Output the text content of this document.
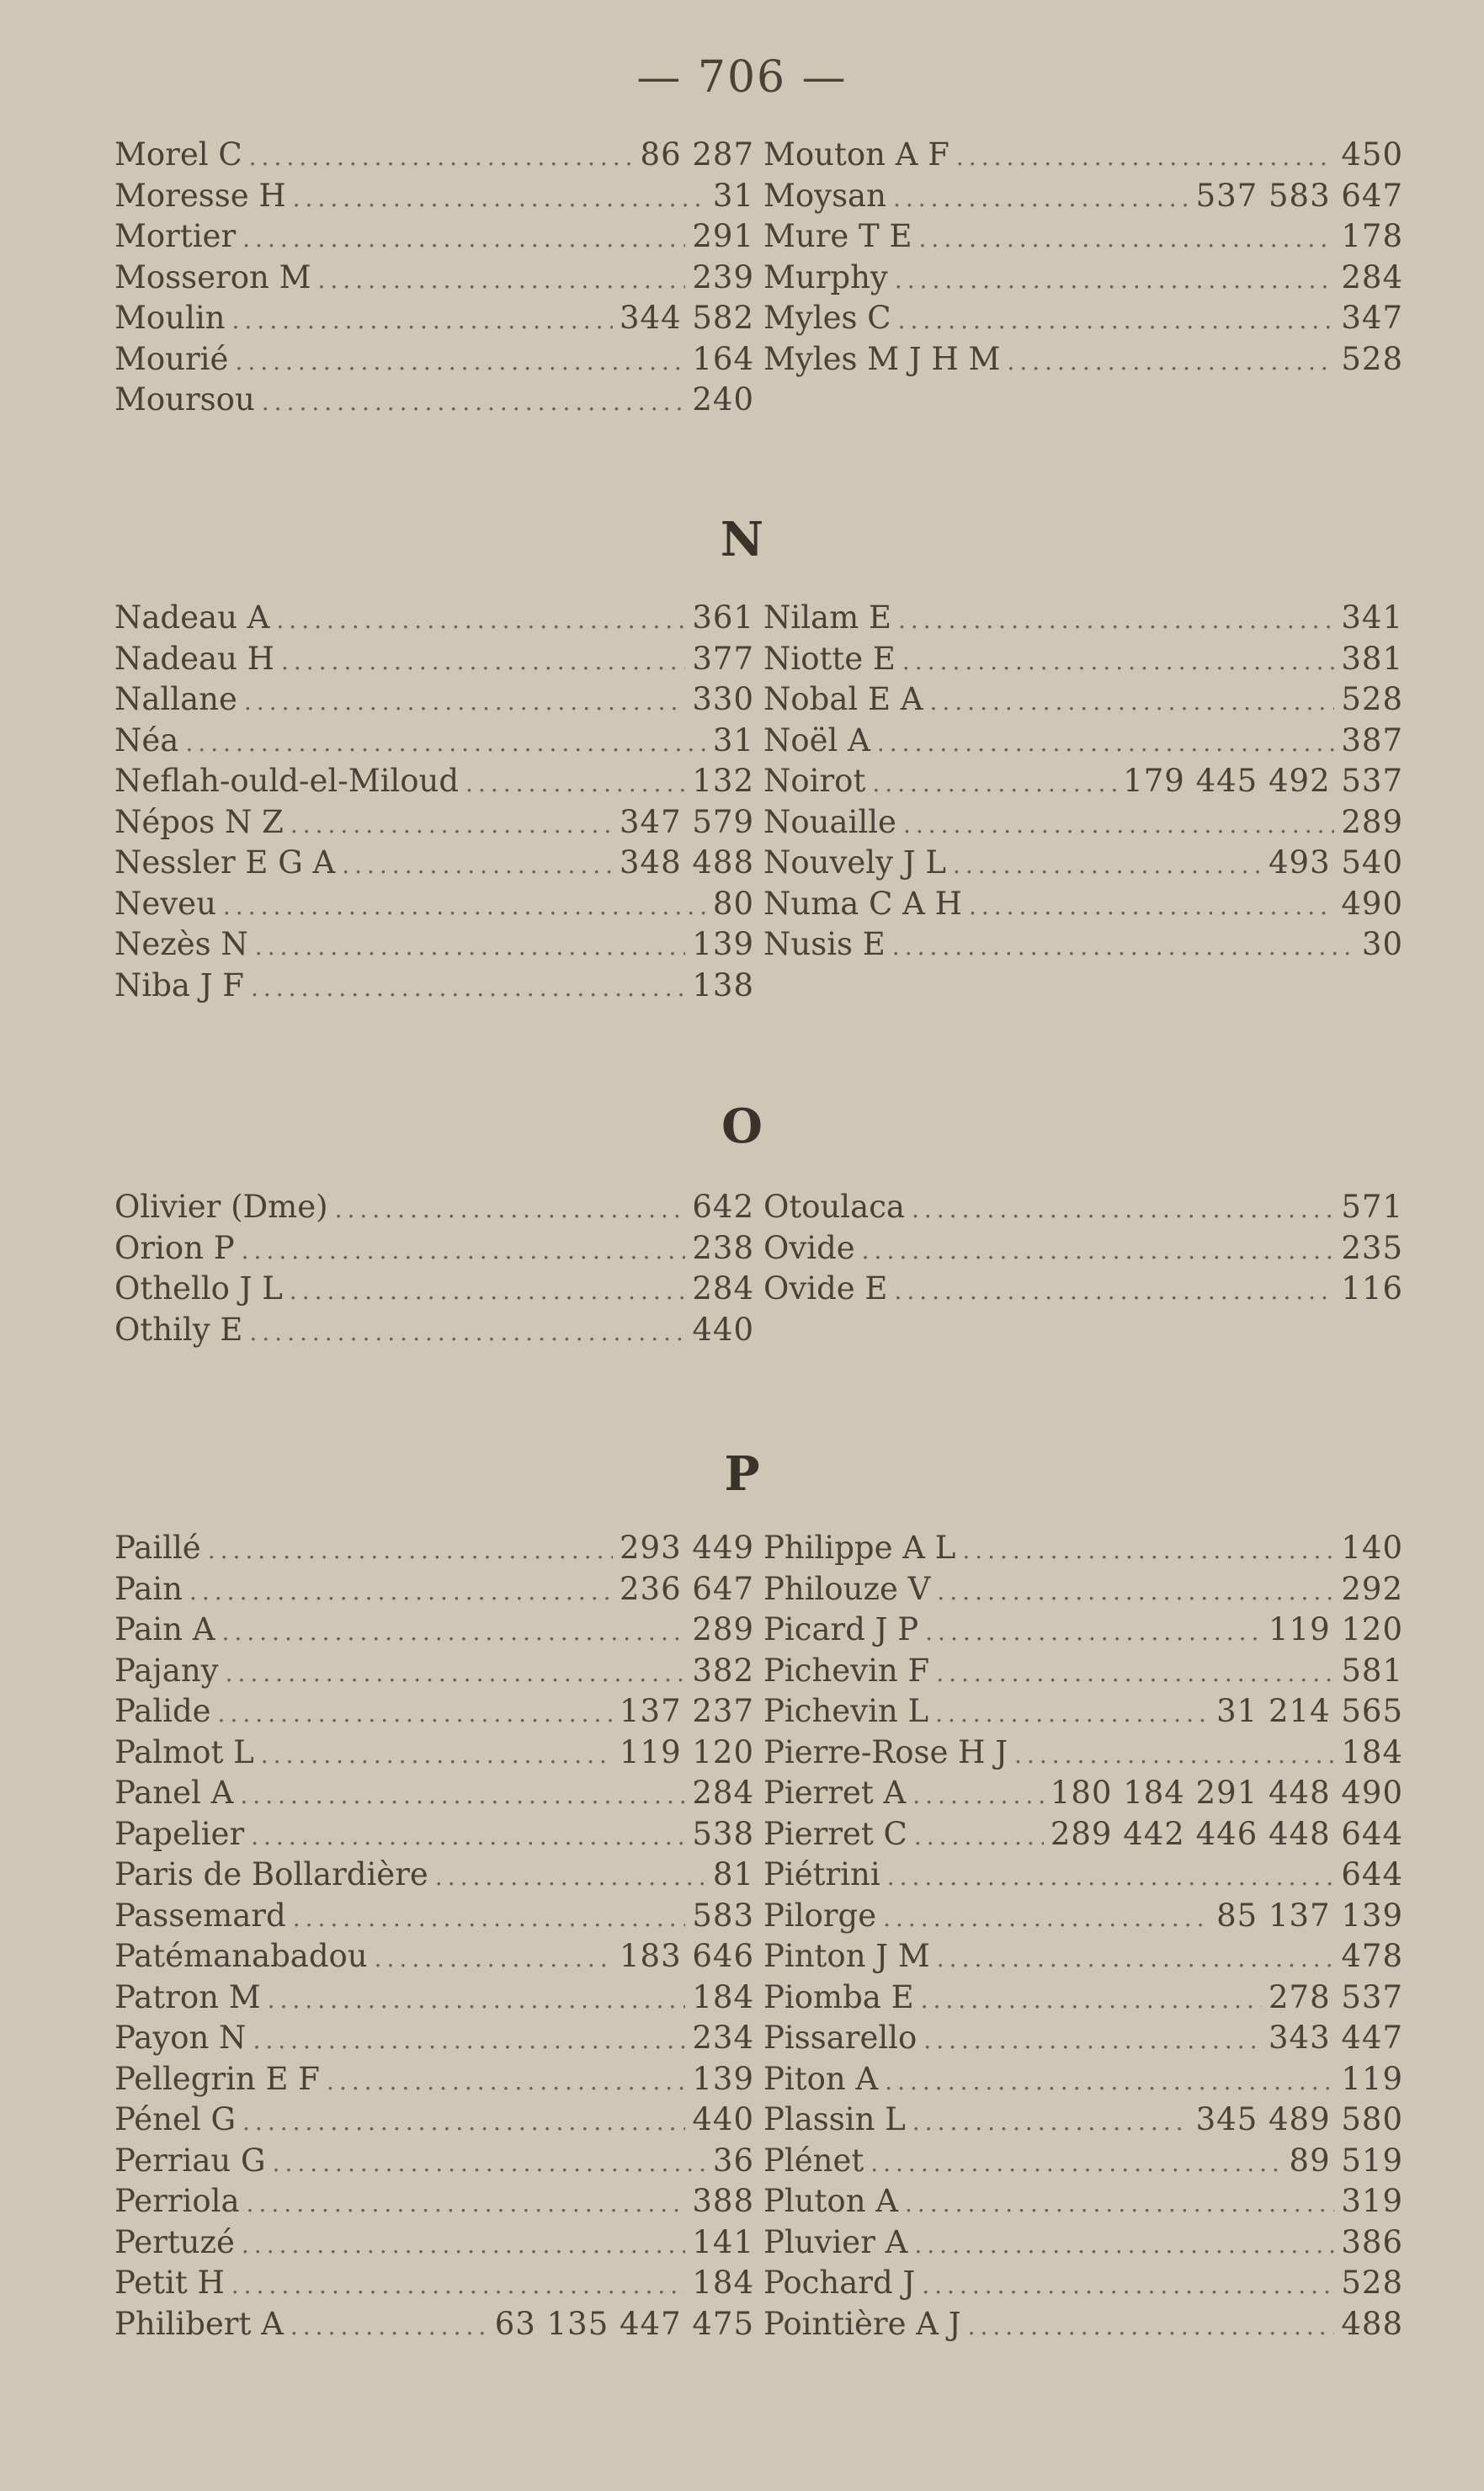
— 706 —
Morel C .....	86 287
Moresse H .....	31
Mortier .....	291
Mosseron M .....	239
Moulin .....	344 582
Mourié .....	164
Moursou .....	240
Mouton A F .....	450
Moysan .....	537 583 647
Mure T E .....	178
Murphy .....	284
Myles C .....	347
Myles M J H M .....	528
N
Nadeau A .....	361
Nadeau H .....	377
Nallane .....	330
Néa .....	31
Neflah-ould-el-Miloud .....	132
Népos N Z .....	347 579
Nessler E G A .....	348 488
Neveu .....	80
Nezès N .....	139
Niba J F .....	138
Nilam E .....	341
Niotte E .....	381
Nobal E A .....	528
Noël A .....	387
Noirot .....	179 445 492 537
Nouaille .....	289
Nouvely J L .....	493 540
Numa C A H .....	490
Nusis E .....	30
O
Olivier (Dme) .....	642
Orion P .....	238
Othello J L .....	284
Othily E .....	440
Otoulaca .....	571
Ovide .....	235
Ovide E .....	116
P
Paillé .....	293 449
Pain .....	236 647
Pain A .....	289
Pajany .....	382
Palide .....	137 237
Palmot L .....	119 120
Panel A .....	284
Papelier .....	538
Paris de Bollardière .....	81
Passemard .....	583
Patémanabadou .....	183 646
Patron M .....	184
Payon N .....	234
Pellegrin E F .....	139
Pénel G .....	440
Perriau G .....	36
Perriola .....	388
Pertuzé .....	141
Petit H .....	184
Philibert A .....	63 135 447 475
Philippe A L .....	140
Philouze V .....	292
Picard J P .....	119 120
Pichevin F .....	581
Pichevin L .....	31 214 565
Pierre-Rose H J .....	184
Pierret A .....	180 184 291 448 490
Pierret C .....	289 442 446 448 644
Piétrini .....	644
Pilorge .....	85 137 139
Pinton J M .....	478
Piomba E .....	278 537
Pissarello .....	343 447
Piton A .....	119
Plassin L .....	345 489 580
Plénet .....	89 519
Pluton A .....	319
Pluvier A .....	386
Pochard J .....	528
Pointière A J .....	488
